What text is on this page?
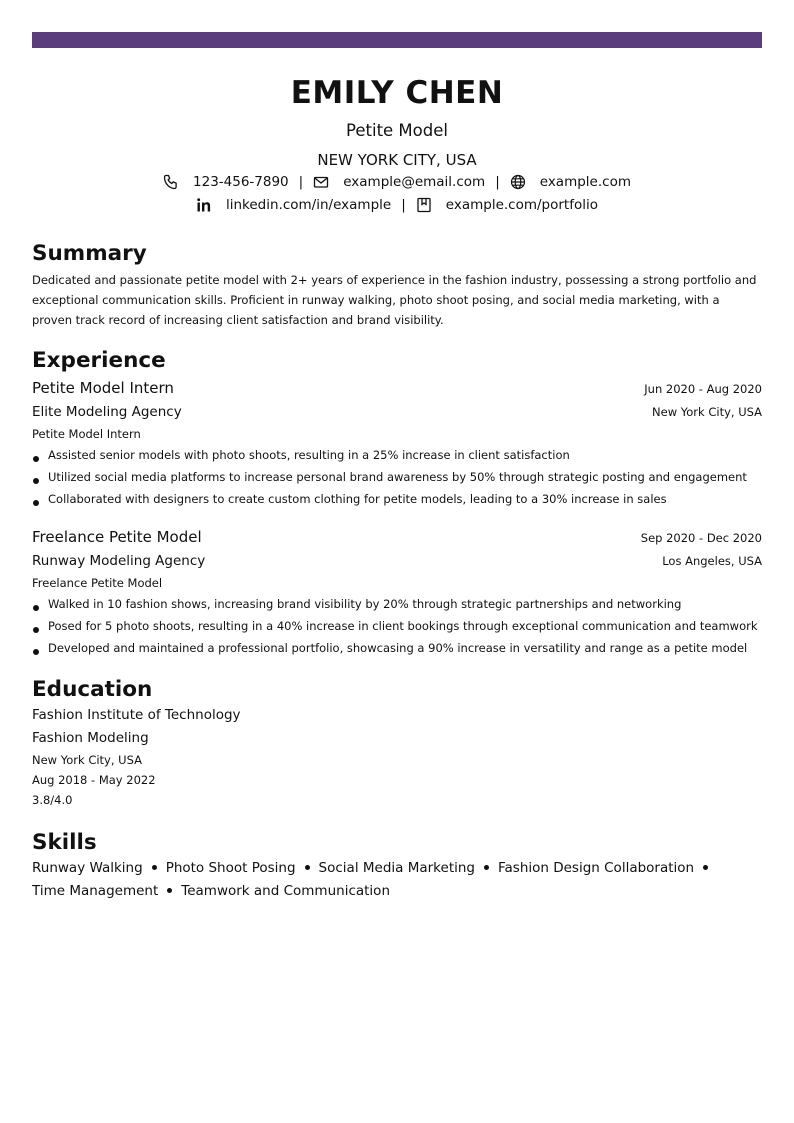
EMILY CHEN
Petite Model
NEW YORK CITY, USA
123-456-7890 |	example@email.com |	example.com
linkedin.com/in/example |	example.com/portfolio
Summary
Dedicated and passionate petite model with 2+ years of experience in the fashion industry, possessing a strong portfolio and exceptional communication skills. Proficient in runway walking, photo shoot posing, and social media marketing, with a proven track record of increasing client satisfaction and brand visibility.
Experience
Petite Model Intern	Jun 2020 - Aug 2020
Elite Modeling Agency	New York City, USA
Petite Model Intern
Assisted senior models with photo shoots, resulting in a 25% increase in client satisfaction
Utilized social media platforms to increase personal brand awareness by 50% through strategic posting and engagement
Collaborated with designers to create custom clothing for petite models, leading to a 30% increase in sales
Freelance Petite Model	Sep 2020 - Dec 2020
Runway Modeling Agency	Los Angeles, USA
Freelance Petite Model
Walked in 10 fashion shows, increasing brand visibility by 20% through strategic partnerships and networking
Posed for 5 photo shoots, resulting in a 40% increase in client bookings through exceptional communication and teamwork
Developed and maintained a professional portfolio, showcasing a 90% increase in versatility and range as a petite model
Education
Fashion Institute of Technology
Fashion Modeling
New York City, USA
Aug 2018 - May 2022
3.8/4.0
Skills
Runway Walking Photo Shoot Posing Social Media Marketing Fashion Design Collaboration
Time Management Teamwork and Communication
